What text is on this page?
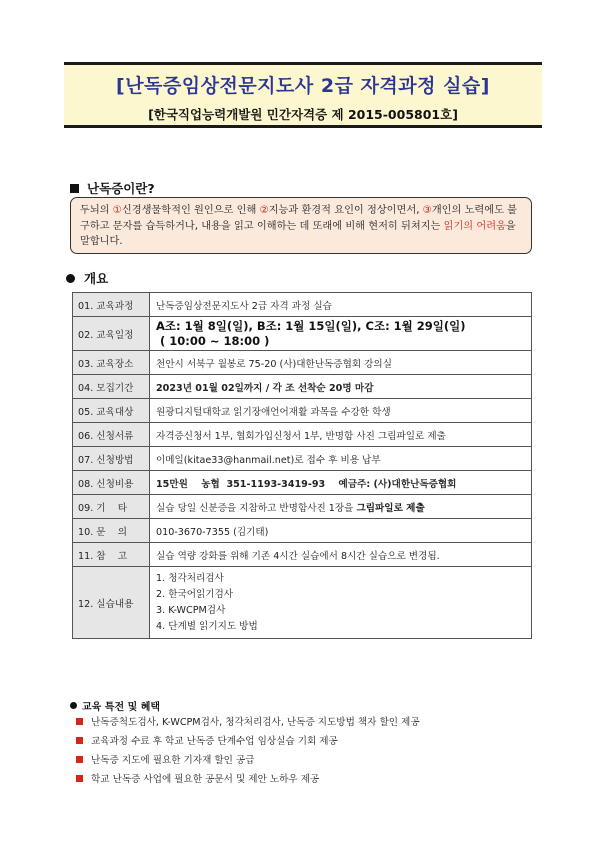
[난독증임상전문지도사 2급 자격과정 실습]
[한국직업능력개발원 민간자격증 제 2015-005801호]
난독증이란?
두뇌의 ①신경생물학적인 원인으로 인해 ②지능과 환경적 요인이 정상이면서, ③개인의 노력에도 불구하고 문자를 습득하거나, 내용을 읽고 이해하는 데 또래에 비해 현저히 뒤쳐지는 읽기의 어려움을 말합니다.
개요
01. 교육과정	난독증임상전문지도사 2급 자격 과정 실습
02. 교육일정	A조: 1월 8일(일), B조: 1월 15일(일), C조: 1월 29일(일)
( 10:00 ~ 18:00 )

03. 교육장소	천안시 서북구 월봉로 75-20 (사)대한난독증협회 강의실
04. 모집기간	2023년 01월 02일까지 / 각 조 선착순 20명 마감
05. 교육대상	원광디지털대학교 읽기장애언어재활 과목을 수강한 학생
06. 신청서류	자격증신청서 1부, 협회가입신청서 1부, 반명함 사진 그림파일로 제출
07. 신청방법	이메일(kitae33@hanmail.net)로 접수 후 비용 납부
08. 신청비용	15만원    농협  351-1193-3419-93    예금주: (사)대한난독증협회
09. 기    타	실습 당일 신분증을 지참하고 반명함사진 1장을 그림파일로 제출
10. 문    의	010-3670-7355 (김기태)
11. 참    고	실습 역량 강화를 위해 기존 4시간 실습에서 8시간 실습으로 변경됨.
12. 실습내용	1. 청각처리검사
2. 한국어읽기검사
3. K-WCPM검사
4. 단계별 읽기지도 방법
교육 특전 및 혜택
난독증척도검사, K-WCPM검사, 청각처리검사, 난독증 지도방법 책자 할인 제공
교육과정 수료 후 학교 난독증 단계수업 임상실습 기회 제공
난독증 지도에 필요한 기자재 할인 공급
학교 난독증 사업에 필요한 공문서 및 제안 노하우 제공
